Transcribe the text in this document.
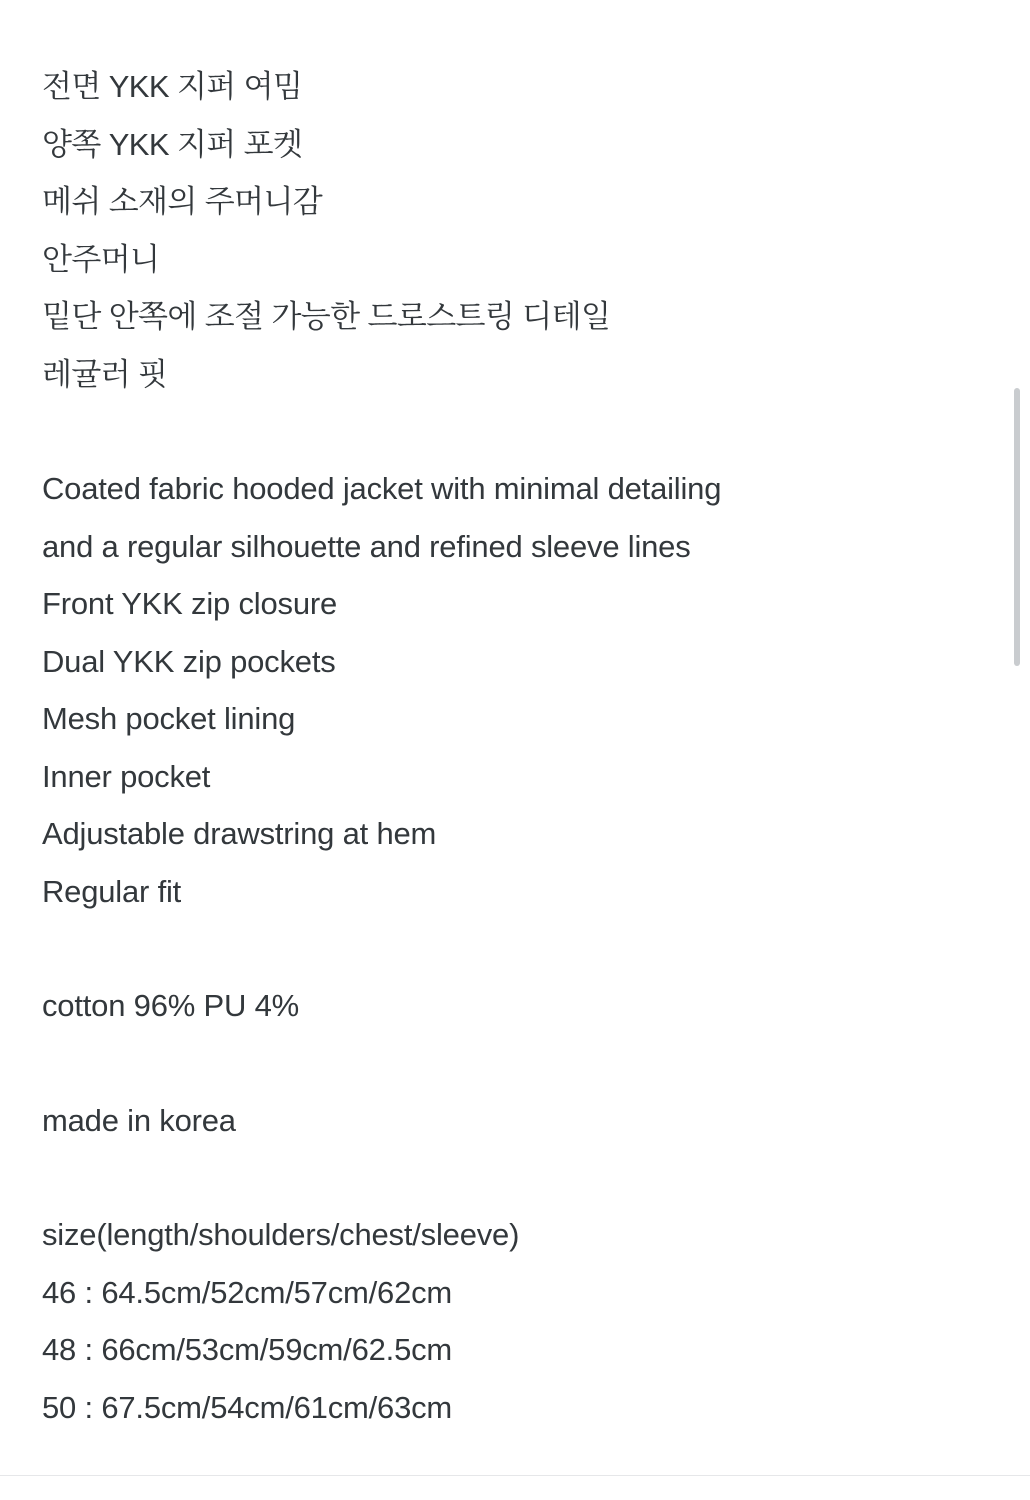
전면 YKK 지퍼 여밈
양쪽 YKK 지퍼 포켓
메쉬 소재의 주머니감
안주머니
밑단 안쪽에 조절 가능한 드로스트링 디테일
레귤러 핏
Coated fabric hooded jacket with minimal detailing
and a regular silhouette and refined sleeve lines
Front YKK zip closure
Dual YKK zip pockets
Mesh pocket lining
Inner pocket
Adjustable drawstring at hem
Regular fit
cotton 96% PU 4%
made in korea
size(length/shoulders/chest/sleeve)
46 : 64.5cm/52cm/57cm/62cm
48 : 66cm/53cm/59cm/62.5cm
50 : 67.5cm/54cm/61cm/63cm
